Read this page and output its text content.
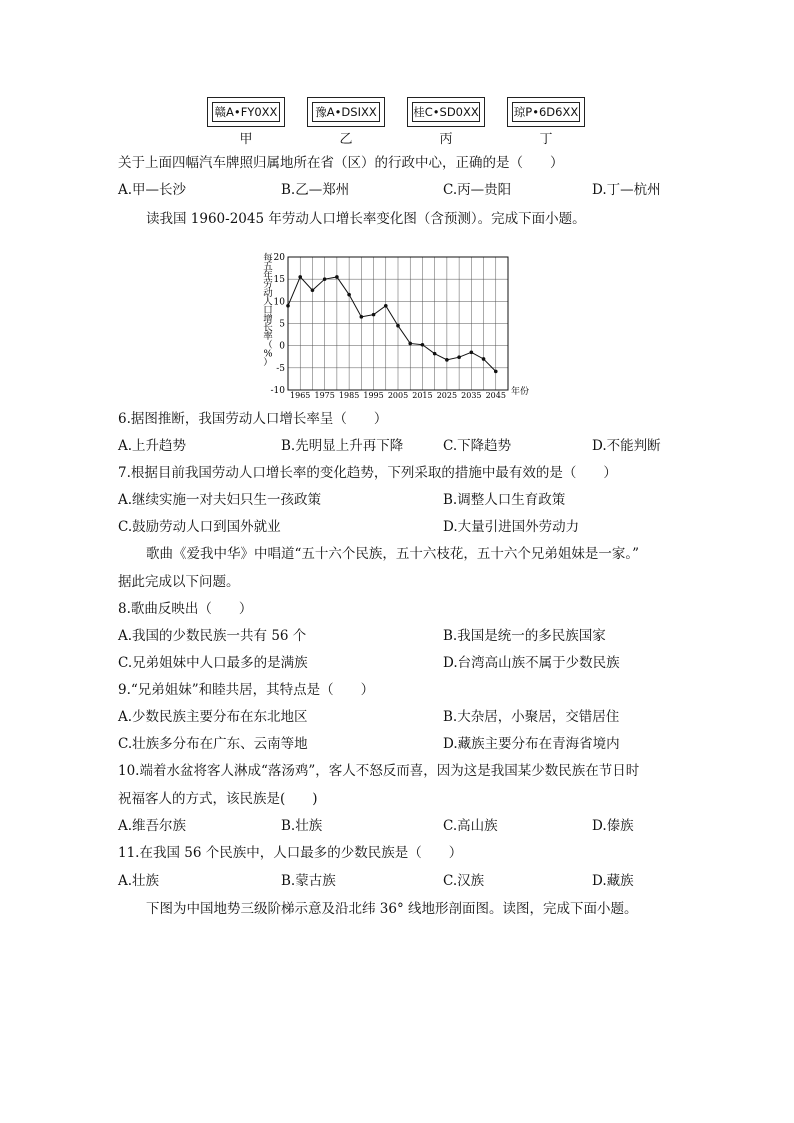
赣A•FY0XX	豫A•DSIXX	桂C•SD0XX	琼P•6D6XX
甲	乙	丙	丁
关于上面四幅汽车牌照归属地所在省（区）的行政中心，正确的是（　　）
A.甲—长沙	B.乙—郑州	C.丙—贵阳	D.丁—杭州
读我国 1960-2045 年劳动人口增长率变化图（含预测）。完成下面小题。
每
五
年
劳
动
人
口
增
长
率
（
%
）
20
15
10
5
0
-5
-10 1965 1975 1985 1995 2005 2015 2025 2035 2045 年份
6.据图推断，我国劳动人口增长率呈（　　）
A.上升趋势	B.先明显上升再下降	C.下降趋势	D.不能判断
7.根据目前我国劳动人口增长率的变化趋势，下列采取的措施中最有效的是（　　）
A.继续实施一对夫妇只生一孩政策	B.调整人口生育政策
C.鼓励劳动人口到国外就业	D.大量引进国外劳动力
歌曲《爱我中华》中唱道“五十六个民族，五十六枝花，五十六个兄弟姐妹是一家。”
据此完成以下问题。
8.歌曲反映出（　　）
A.我国的少数民族一共有 56 个	B.我国是统一的多民族国家
C.兄弟姐妹中人口最多的是满族	D.台湾高山族不属于少数民族
9.“兄弟姐妹”和睦共居，其特点是（　　）
A.少数民族主要分布在东北地区	B.大杂居，小聚居，交错居住
C.壮族多分布在广东、云南等地	D.藏族主要分布在青海省境内
10.端着水盆将客人淋成“落汤鸡”，客人不怒反而喜，因为这是我国某少数民族在节日时
祝福客人的方式，该民族是(　　)
A.维吾尔族	B.壮族	C.高山族	D.傣族
11.在我国 56 个民族中，人口最多的少数民族是（　　）
A.壮族	B.蒙古族	C.汉族	D.藏族
下图为中国地势三级阶梯示意及沿北纬 36° 线地形剖面图。读图，完成下面小题。
